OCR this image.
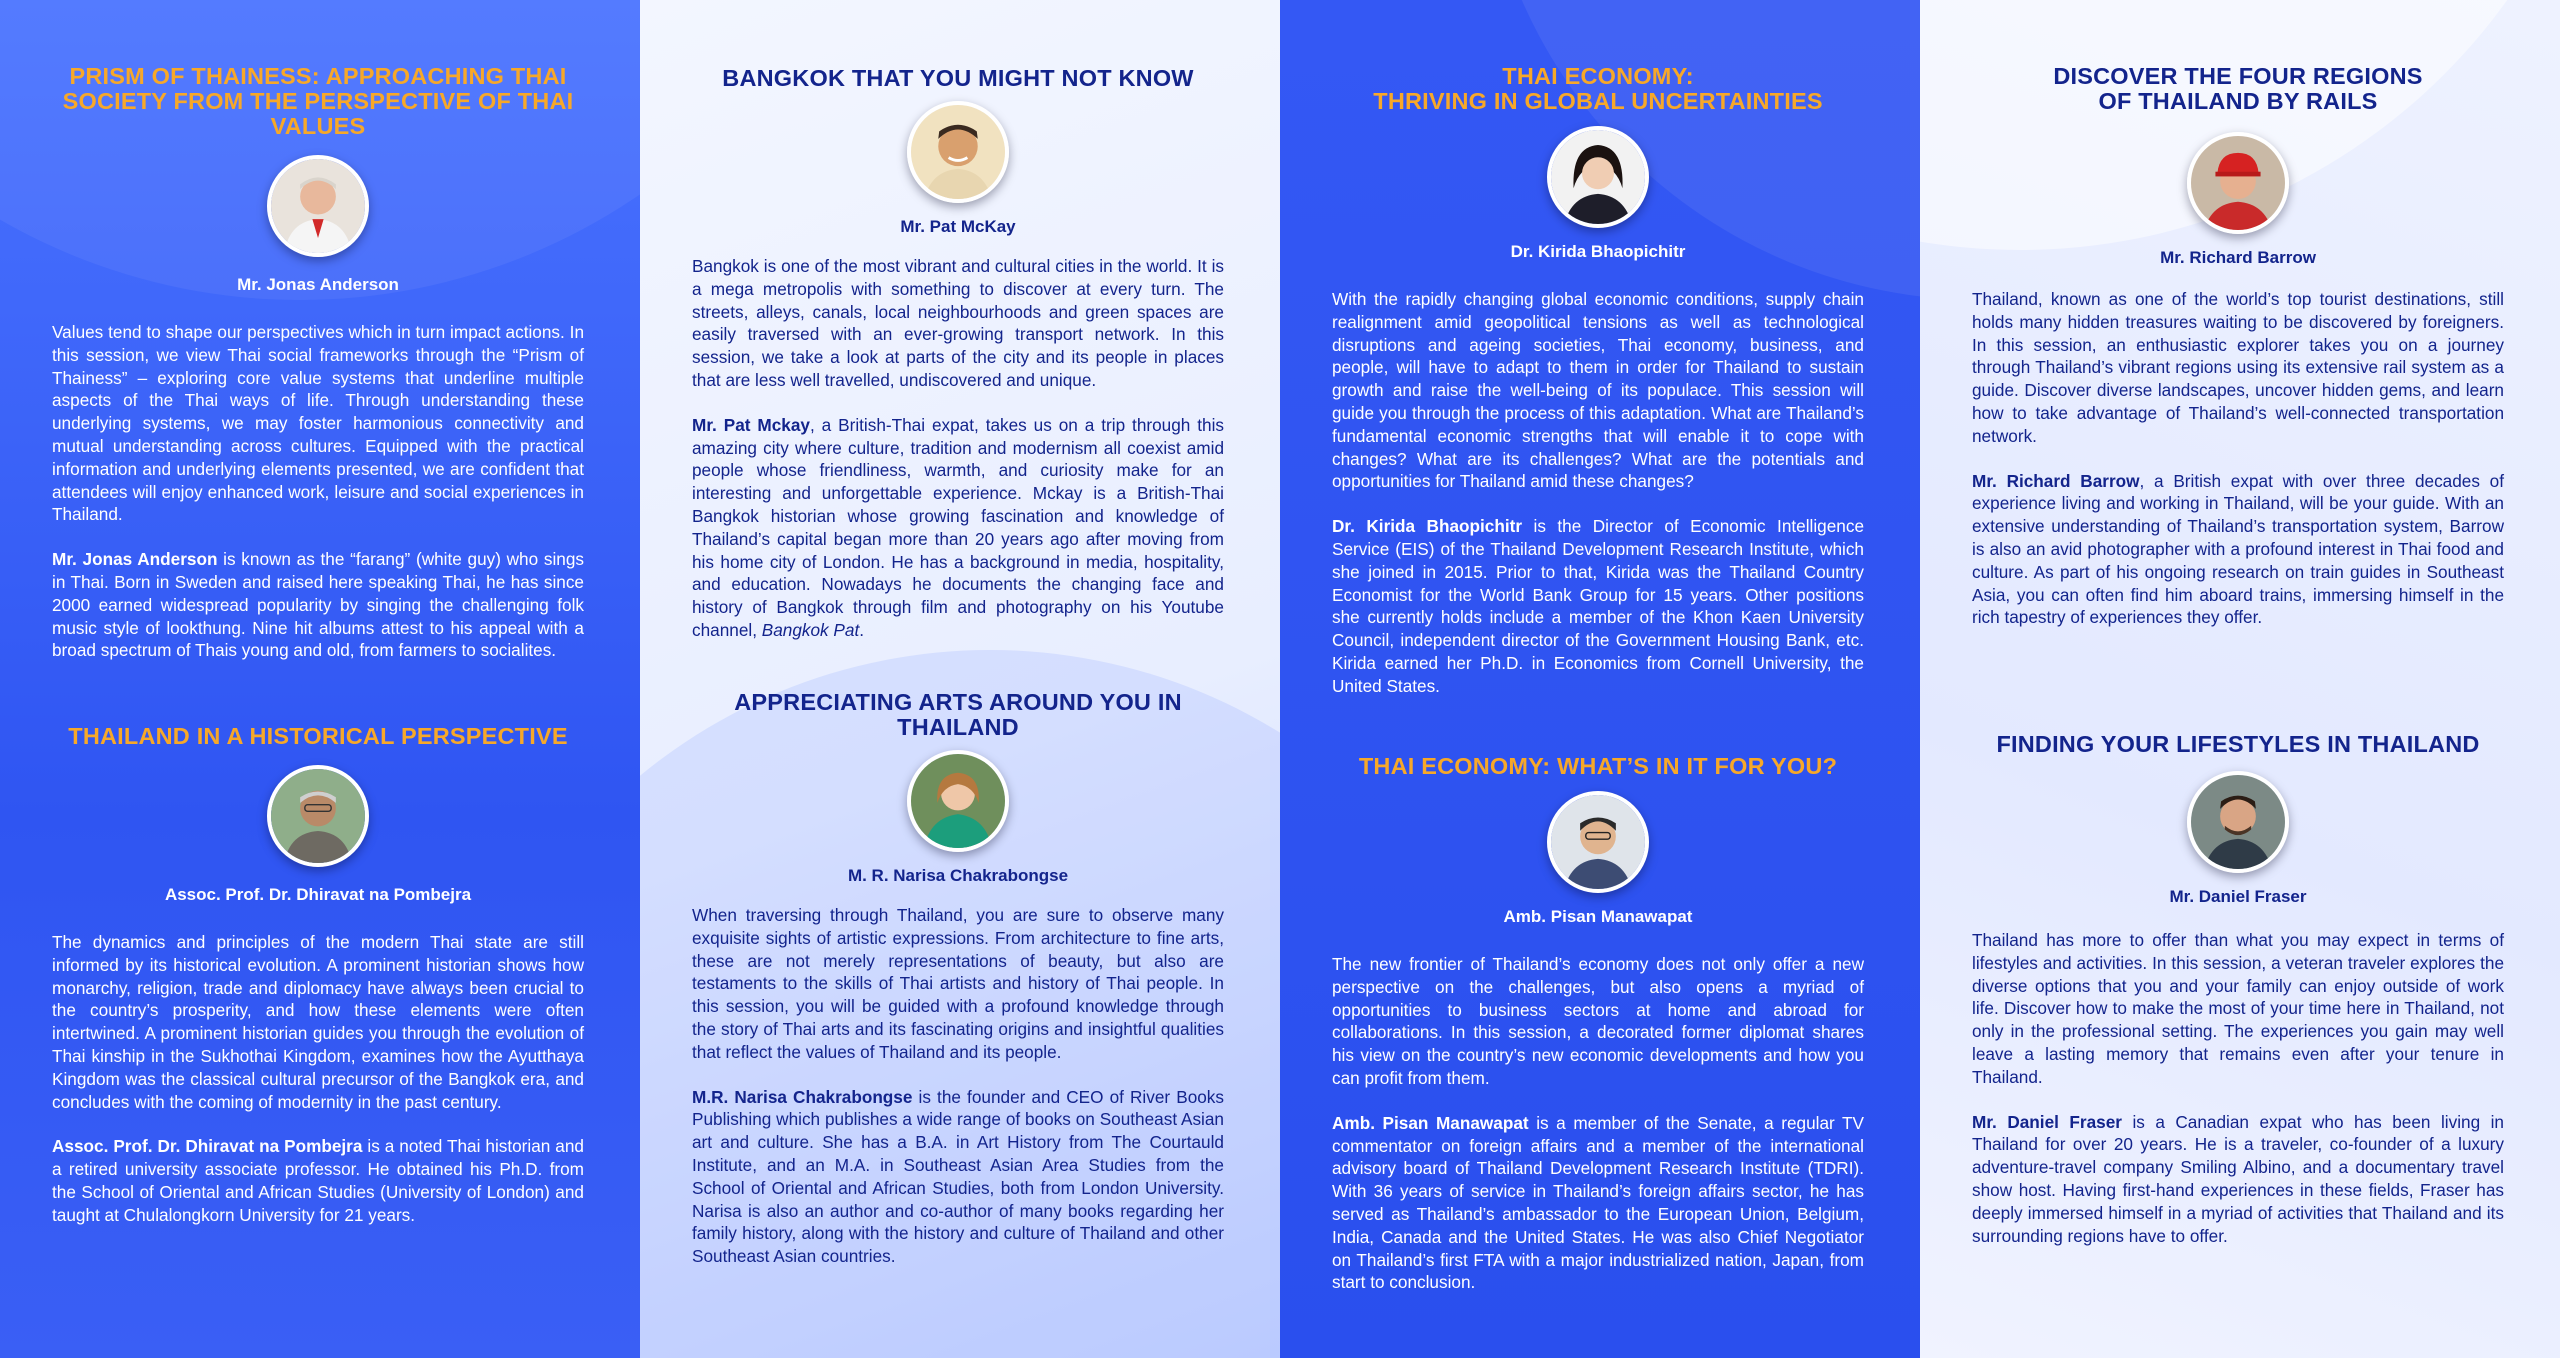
PRISM OF THAINESS: APPROACHING THAI SOCIETY FROM THE PERSPECTIVE OF THAI VALUES

Mr. Jonas Anderson

Values tend to shape our perspectives which in turn impact actions. In this session, we view Thai social frameworks through the “Prism of Thainess” – exploring core value systems that underline multiple aspects of the Thai ways of life. Through understanding these underlying systems, we may foster harmonious connectivity and mutual understanding across cultures. Equipped with the practical information and underlying elements presented, we are confident that attendees will enjoy enhanced work, leisure and social experiences in Thailand.

Mr. Jonas Anderson is known as the “farang” (white guy) who sings in Thai. Born in Sweden and raised here speaking Thai, he has since 2000 earned widespread popularity by singing the challenging folk music style of lookthung. Nine hit albums attest to his appeal with a broad spectrum of Thais young and old, from farmers to socialites.

THAILAND IN A HISTORICAL PERSPECTIVE

Assoc. Prof. Dr. Dhiravat na Pombejra

The dynamics and principles of the modern Thai state are still informed by its historical evolution. A prominent historian shows how monarchy, religion, trade and diplomacy have always been crucial to the country’s prosperity, and how these elements were often intertwined. A prominent historian guides you through the evolution of Thai kinship in the Sukhothai Kingdom, examines how the Ayutthaya Kingdom was the classical cultural precursor of the Bangkok era, and concludes with the coming of modernity in the past century.

Assoc. Prof. Dr. Dhiravat na Pombejra is a noted Thai historian and a retired university associate professor. He obtained his Ph.D. from the School of Oriental and African Studies (University of London) and taught at Chulalongkorn University for 21 years.

BANGKOK THAT YOU MIGHT NOT KNOW

Mr. Pat McKay

Bangkok is one of the most vibrant and cultural cities in the world. It is a mega metropolis with something to discover at every turn. The streets, alleys, canals, local neighbourhoods and green spaces are easily traversed with an ever-growing transport network. In this session, we take a look at parts of the city and its people in places that are less well travelled, undiscovered and unique.

Mr. Pat Mckay, a British-Thai expat, takes us on a trip through this amazing city where culture, tradition and modernism all coexist amid people whose friendliness, warmth, and curiosity make for an interesting and unforgettable experience. Mckay is a British-Thai Bangkok historian whose growing fascination and knowledge of Thailand’s capital began more than 20 years ago after moving from his home city of London. He has a background in media, hospitality, and education. Nowadays he documents the changing face and history of Bangkok through film and photography on his Youtube channel, Bangkok Pat.

APPRECIATING ARTS AROUND YOU IN THAILAND

M. R. Narisa Chakrabongse

When traversing through Thailand, you are sure to observe many exquisite sights of artistic expressions. From architecture to fine arts, these are not merely representations of beauty, but also are testaments to the skills of Thai artists and history of Thai people. In this session, you will be guided with a profound knowledge through the story of Thai arts and its fascinating origins and insightful qualities that reflect the values of Thailand and its people.

M.R. Narisa Chakrabongse is the founder and CEO of River Books Publishing which publishes a wide range of books on Southeast Asian art and culture. She has a B.A. in Art History from The Courtauld Institute, and an M.A. in Southeast Asian Area Studies from the School of Oriental and African Studies, both from London University. Narisa is also an author and co-author of many books regarding her family history, along with the history and culture of Thailand and other Southeast Asian countries.

THAI ECONOMY:
THRIVING IN GLOBAL UNCERTAINTIES

Dr. Kirida Bhaopichitr

With the rapidly changing global economic conditions, supply chain realignment amid geopolitical tensions as well as technological disruptions and ageing societies, Thai economy, business, and people, will have to adapt to them in order for Thailand to sustain growth and raise the well-being of its populace. This session will guide you through the process of this adaptation. What are Thailand’s fundamental economic strengths that will enable it to cope with changes? What are its challenges? What are the potentials and opportunities for Thailand amid these changes?

Dr. Kirida Bhaopichitr is the Director of Economic Intelligence Service (EIS) of the Thailand Development Research Institute, which she joined in 2015. Prior to that, Kirida was the Thailand Country Economist for the World Bank Group for 15 years. Other positions she currently holds include a member of the Khon Kaen University Council, independent director of the Government Housing Bank, etc. Kirida earned her Ph.D. in Economics from Cornell University, the United States.

THAI ECONOMY: WHAT’S IN IT FOR YOU?

Amb. Pisan Manawapat

The new frontier of Thailand’s economy does not only offer a new perspective on the challenges, but also opens a myriad of opportunities to business sectors at home and abroad for collaborations. In this session, a decorated former diplomat shares his view on the country’s new economic developments and how you can profit from them.

Amb. Pisan Manawapat is a member of the Senate, a regular TV commentator on foreign affairs and a member of the international advisory board of Thailand Development Research Institute (TDRI). With 36 years of service in Thailand’s foreign affairs sector, he has served as Thailand’s ambassador to the European Union, Belgium, India, Canada and the United States. He was also Chief Negotiator on Thailand’s first FTA with a major industrialized nation, Japan, from start to conclusion.

DISCOVER THE FOUR REGIONS
OF THAILAND BY RAILS

Mr. Richard Barrow

Thailand, known as one of the world’s top tourist destinations, still holds many hidden treasures waiting to be discovered by foreigners. In this session, an enthusiastic explorer takes you on a journey through Thailand’s vibrant regions using its extensive rail system as a guide. Discover diverse landscapes, uncover hidden gems, and learn how to take advantage of Thailand’s well-connected transportation network.

Mr. Richard Barrow, a British expat with over three decades of experience living and working in Thailand, will be your guide. With an extensive understanding of Thailand’s transportation system, Barrow is also an avid photographer with a profound interest in Thai food and culture. As part of his ongoing research on train guides in Southeast Asia, you can often find him aboard trains, immersing himself in the rich tapestry of experiences they offer.

FINDING YOUR LIFESTYLES IN THAILAND

Mr. Daniel Fraser

Thailand has more to offer than what you may expect in terms of lifestyles and activities. In this session, a veteran traveler explores the diverse options that you and your family can enjoy outside of work life. Discover how to make the most of your time here in Thailand, not only in the professional setting. The experiences you gain may well leave a lasting memory that remains even after your tenure in Thailand.

Mr. Daniel Fraser is a Canadian expat who has been living in Thailand for over 20 years. He is a traveler, co-founder of a luxury adventure-travel company Smiling Albino, and a documentary travel show host. Having first-hand experiences in these fields, Fraser has deeply immersed himself in a myriad of activities that Thailand and its surrounding regions have to offer.
